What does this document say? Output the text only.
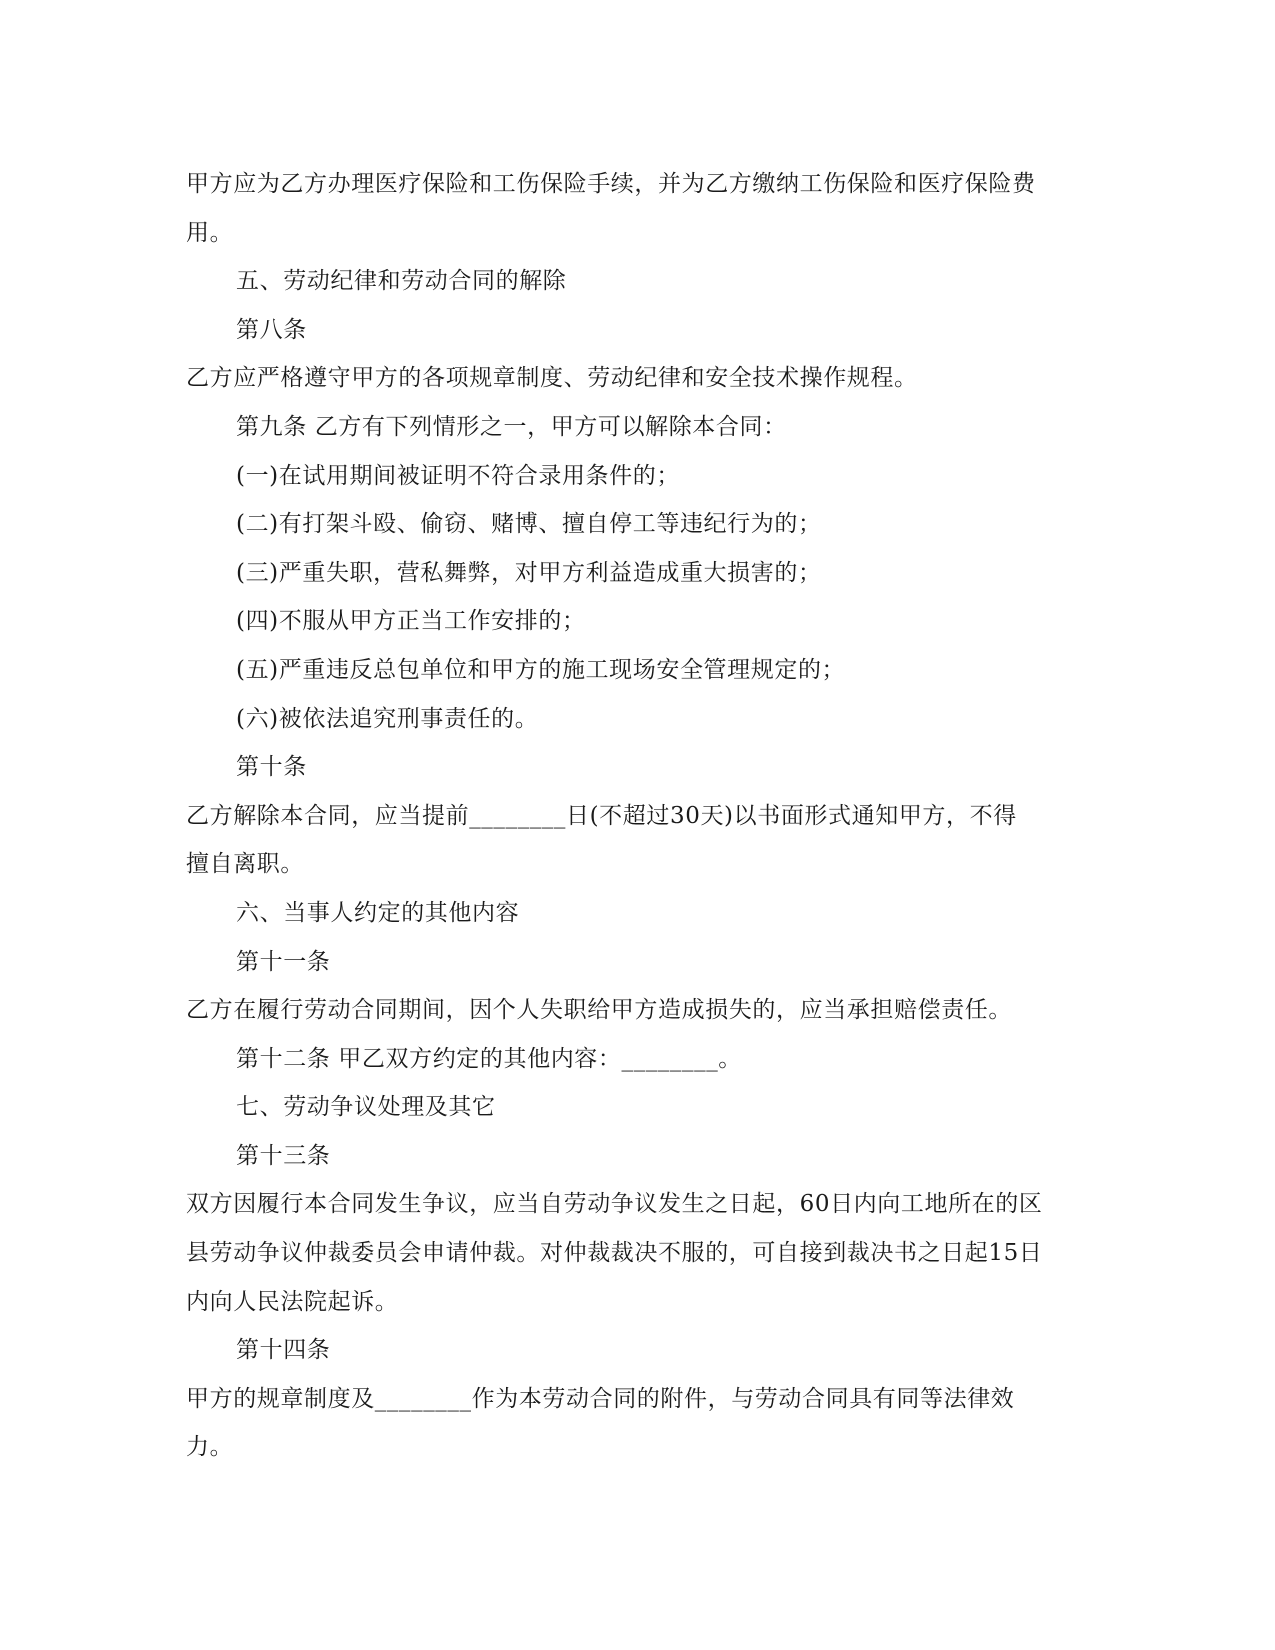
甲方应为乙方办理医疗保险和工伤保险手续，并为乙方缴纳工伤保险和医疗保险费
用。
五、劳动纪律和劳动合同的解除
第八条
乙方应严格遵守甲方的各项规章制度、劳动纪律和安全技术操作规程。
第九条 乙方有下列情形之一，甲方可以解除本合同：
(一)在试用期间被证明不符合录用条件的；
(二)有打架斗殴、偷窃、赌博、擅自停工等违纪行为的；
(三)严重失职，营私舞弊，对甲方利益造成重大损害的；
(四)不服从甲方正当工作安排的；
(五)严重违反总包单位和甲方的施工现场安全管理规定的；
(六)被依法追究刑事责任的。
第十条
乙方解除本合同，应当提前________日(不超过30天)以书面形式通知甲方，不得
擅自离职。
六、当事人约定的其他内容
第十一条
乙方在履行劳动合同期间，因个人失职给甲方造成损失的，应当承担赔偿责任。
第十二条 甲乙双方约定的其他内容：________。
七、劳动争议处理及其它
第十三条
双方因履行本合同发生争议，应当自劳动争议发生之日起，60日内向工地所在的区
县劳动争议仲裁委员会申请仲裁。对仲裁裁决不服的，可自接到裁决书之日起15日
内向人民法院起诉。
第十四条
甲方的规章制度及________作为本劳动合同的附件，与劳动合同具有同等法律效
力。
